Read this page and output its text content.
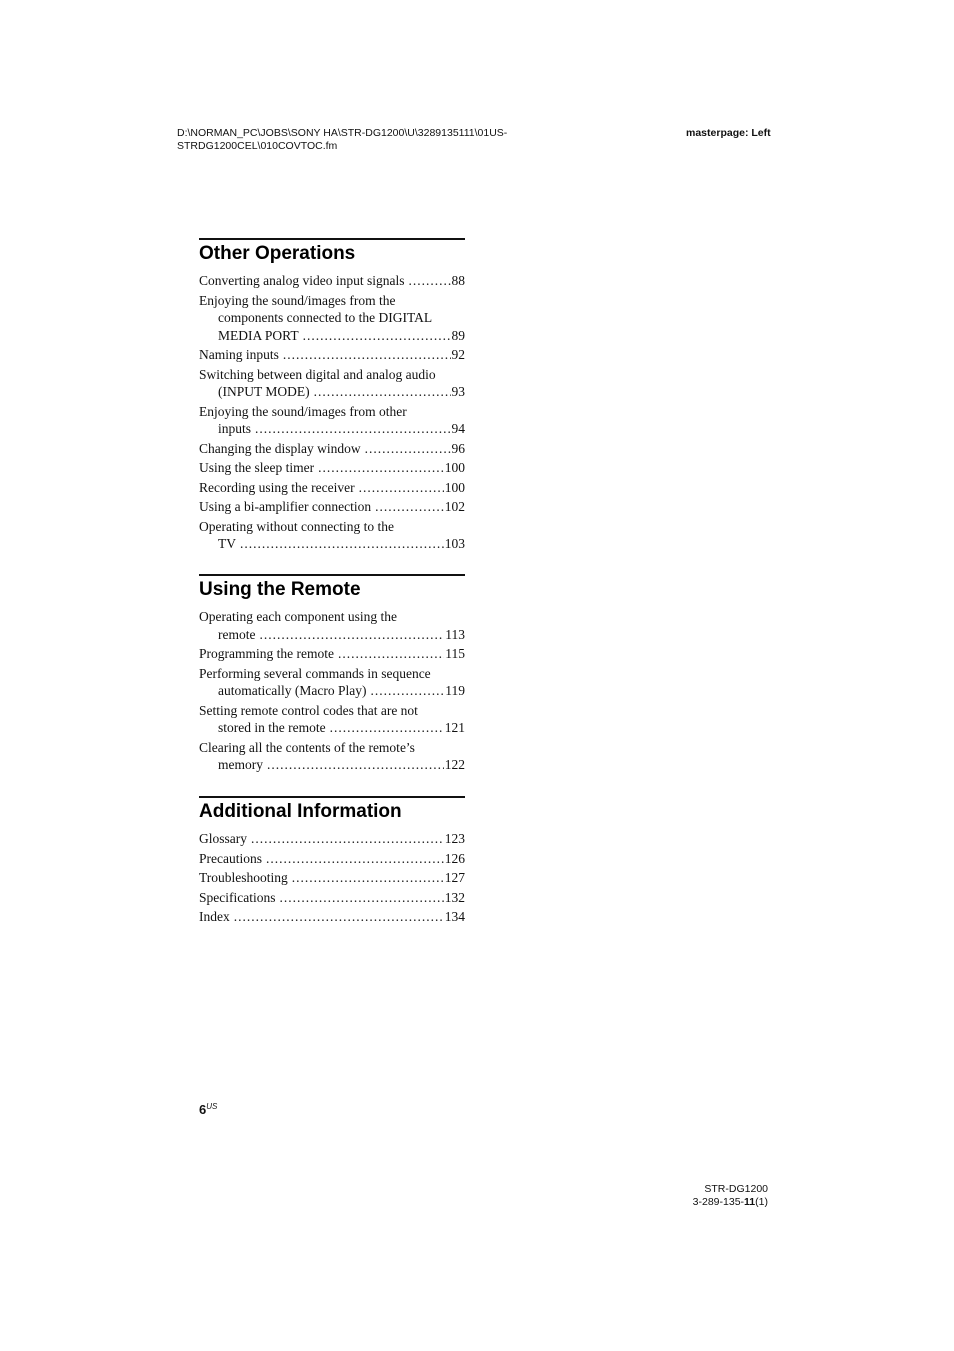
D:\NORMAN_PC\JOBS\SONY HA\STR-DG1200\U\3289135111\01US-
STRDG1200CEL\010COVTOC.fm
masterpage: Left
Other Operations
Converting analog video input signals .....	88
Enjoying the sound/images from the
components connected to the DIGITAL
MEDIA PORT .....	89
Naming inputs .....	92
Switching between digital and analog audio
(INPUT MODE) .....	93
Enjoying the sound/images from other
inputs .....	94
Changing the display window .....	96
Using the sleep timer .....	100
Recording using the receiver .....	100
Using a bi-amplifier connection .....	102
Operating without connecting to the
TV .....	103
Using the Remote
Operating each component using the
remote .....	113
Programming the remote .....	115
Performing several commands in sequence
automatically (Macro Play) .....	119
Setting remote control codes that are not
stored in the remote .....	121
Clearing all the contents of the remote’s
memory .....	122
Additional Information
Glossary .....	123
Precautions .....	126
Troubleshooting .....	127
Specifications .....	132
Index .....	134
$6^{US}$
STR-DG1200
3-289-135-11(1)
